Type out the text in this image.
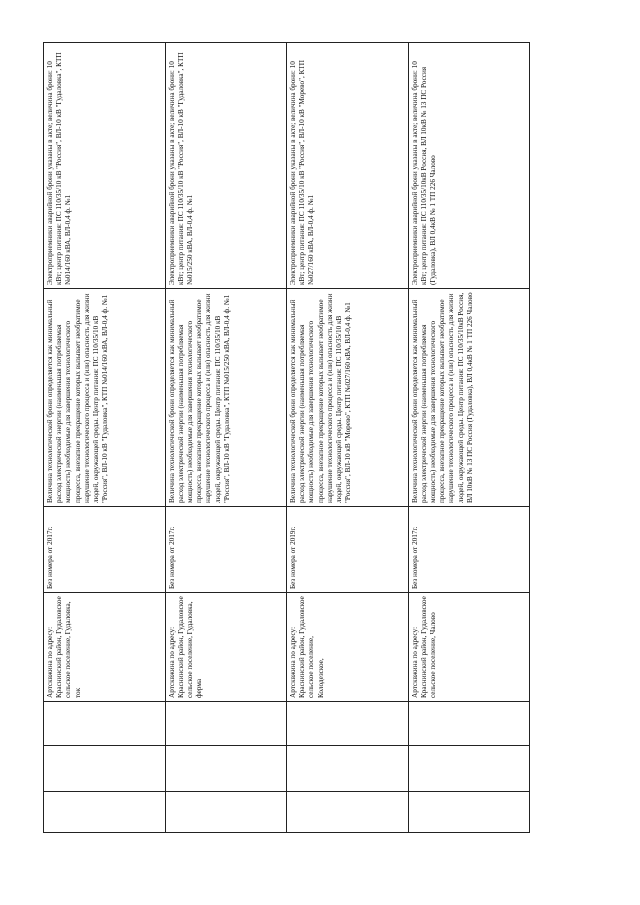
	Артсквжина по адресу: Краснинский район, Гудаловское сельское поселение, Гудаловка, ток	Без номера от 2017г.	Величина технологической брони определяется как минимальный расход электрической энергии (наименьшая потребляемая мощность) необходимые для завершения технологического процесса, внезапное прекращение которых вызывает необратимое нарушение технологического процесса и (или) опасность для жизни людей, окружающей среды. Центр питания: ПС 110/35/10 кВ "Россия", ВЛ-10 кВ "Гудаловка", КТП №014/160 кВА, ВЛ-0,4 ф. №1	Электроприемники аварийной брони указаны в акте; величина брони: 10 кВт; центр питания: ПС 110/35/10 кВ "Россия", ВЛ-10 кВ "Гудаловка", КТП №014/160 кВА, ВЛ-0,4 ф. №1

	Артсквжина по адресу: Краснинский район, Гудаловское сельское поселение, Гудаловка, ферма	Без номера от 2017г.	Величина технологической брони определяется как минимальный расход электрической энергии (наименьшая потребляемая мощность) необходимые для завершения технологического процесса, внезапное прекращение которых вызывает необратимое нарушение технологического процесса и (или) опасность для жизни людей, окружающей среды. Центр питания: ПС 110/35/10 кВ "Россия", ВЛ-10 кВ "Гудаловка", КТП №015/250 кВА, ВЛ-0,4 ф. №1	Электроприемники аварийной брони указаны в акте; величина брони: 10 кВт; центр питания: ПС 110/35/10 кВ "Россия", ВЛ-10 кВ "Гудаловка", КТП №015/250 кВА, ВЛ-0,4 ф. №1

	Артсквжина по адресу: Краснинский район, Гудаловское сельское поселение, Колодезское,	Без номера от 2019г.	Величина технологической брони определяется как минимальный расход электрической энергии (наименьшая потребляемая мощность) необходимые для завершения технологического процесса, внезапное прекращение которых вызывает необратимое нарушение технологического процесса и (или) опасность для жизни людей, окружающей среды. Центр питания: ПС 110/35/10 кВ "Россия", ВЛ-10 кВ "Морево", КТП №027/160 кВА, ВЛ-0,4 ф. №1	Электроприемники аварийной брони указаны в акте; величина брони: 10 кВт; центр питания: ПС 110/35/10 кВ "Россия", ВЛ-10 кВ "Морево", КТП №027/160 кВА, ВЛ-0,4 ф. №1

	Артсквжина по адресу: Краснинский район, Гудаловское сельское поселение, Чалово	Без номера от 2017г.	Величина технологической брони определяется как минимальный расход электрической энергии (наименьшая потребляемая мощность) необходимые для завершения технологического процесса, внезапное прекращение которых вызывает необратимое нарушение технологического процесса и (или) опасность для жизни людей, окружающей среды. Центр питания: ПС 110/35/10кВ Россия, ВЛ 10кВ № 13 ПС Россия (Гудаловка), ВЛ 0,4кВ № 1 ТП 226 Чалово	Электроприемники аварийной брони указаны в акте; величина брони: 10 кВт; центр питания: ПС 110/35/10кВ Россия, ВЛ 10кВ № 13 ПС Россия (Гудаловка), ВЛ 0,4кВ № 1 ТП 226 Чалово
